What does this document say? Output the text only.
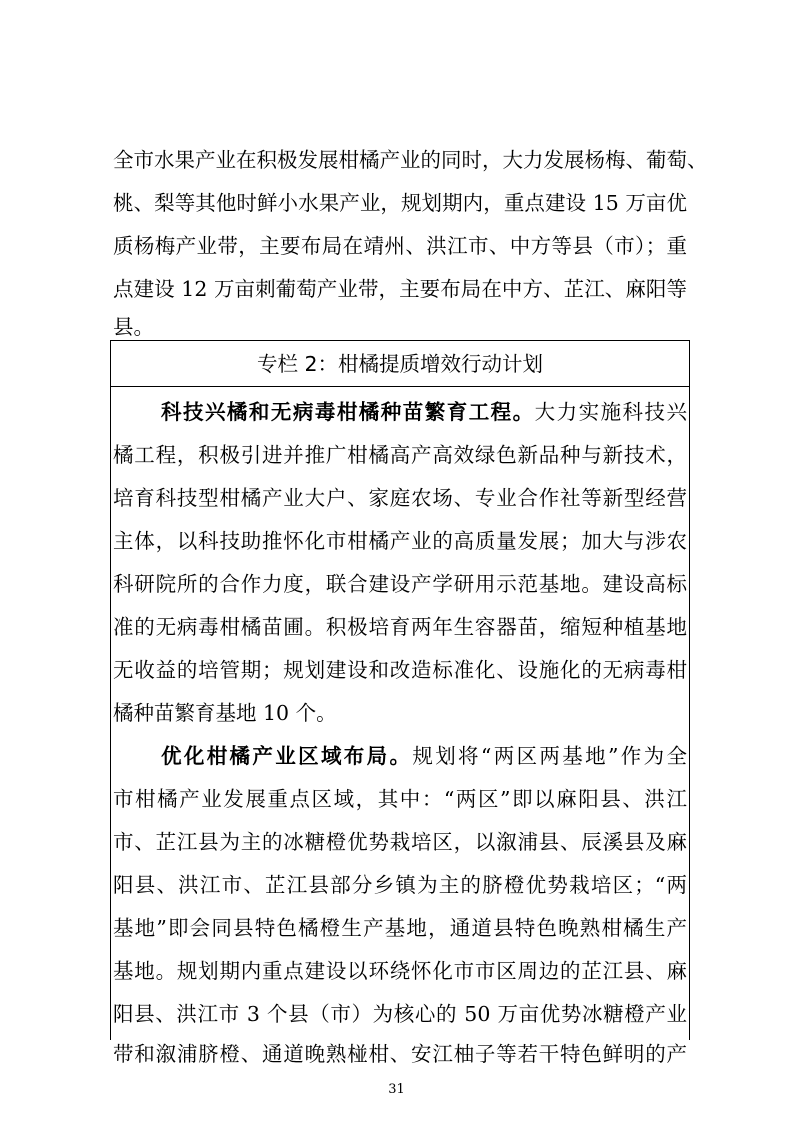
全市水果产业在积极发展柑橘产业的同时，大力发展杨梅、葡萄、
桃、梨等其他时鲜小水果产业，规划期内，重点建设 15 万亩优
质杨梅产业带，主要布局在靖州、洪江市、中方等县（市）；重
点建设 12 万亩刺葡萄产业带，主要布局在中方、芷江、麻阳等
县。
专栏 2：柑橘提质增效行动计划
科技兴橘和无病毒柑橘种苗繁育工程。大力实施科技兴
橘工程，积极引进并推广柑橘高产高效绿色新品种与新技术，
培育科技型柑橘产业大户、家庭农场、专业合作社等新型经营
主体，以科技助推怀化市柑橘产业的高质量发展；加大与涉农
科研院所的合作力度，联合建设产学研用示范基地。建设高标
准的无病毒柑橘苗圃。积极培育两年生容器苗，缩短种植基地
无收益的培管期；规划建设和改造标准化、设施化的无病毒柑
橘种苗繁育基地 10 个。
优化柑橘产业区域布局。规划将“两区两基地”作为全
市柑橘产业发展重点区域，其中：“两区”即以麻阳县、洪江
市、芷江县为主的冰糖橙优势栽培区，以溆浦县、辰溪县及麻
阳县、洪江市、芷江县部分乡镇为主的脐橙优势栽培区；“两
基地”即会同县特色橘橙生产基地，通道县特色晚熟柑橘生产
基地。规划期内重点建设以环绕怀化市市区周边的芷江县、麻
阳县、洪江市 3 个县（市）为核心的 50 万亩优势冰糖橙产业
带和溆浦脐橙、通道晚熟椪柑、安江柚子等若干特色鲜明的产
31
